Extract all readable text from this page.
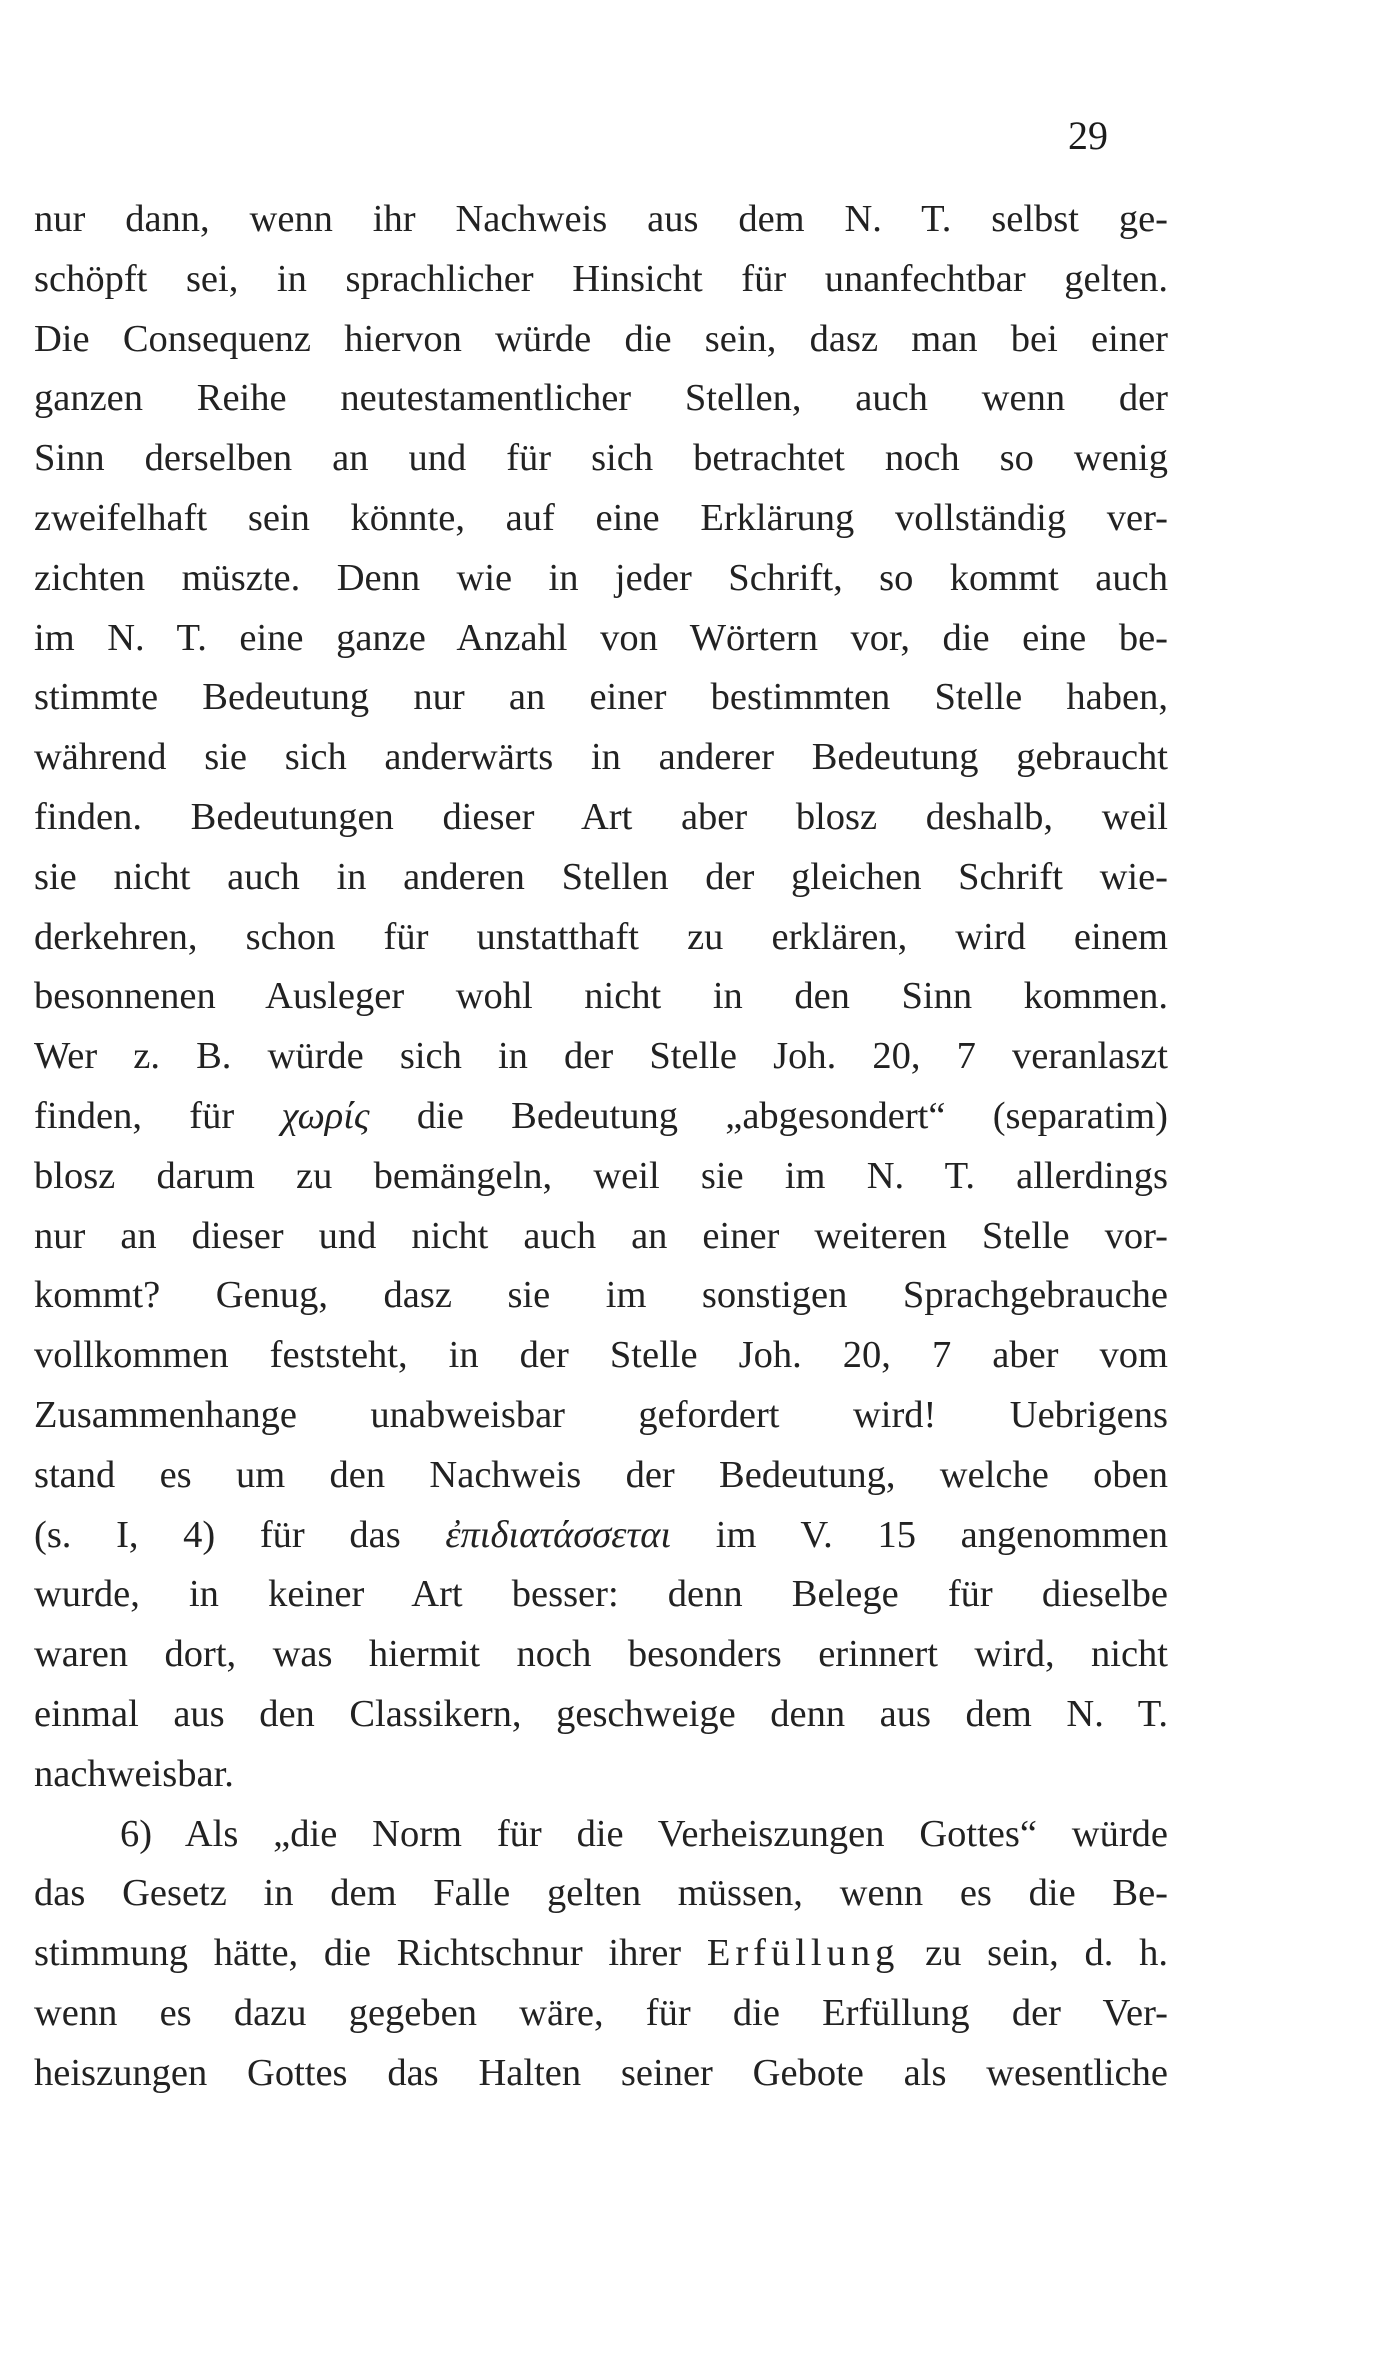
29
nur dann, wenn ihr Nachweis aus dem N. T. selbst ge-
schöpft sei, in sprachlicher Hinsicht für unanfechtbar gelten.
Die Consequenz hiervon würde die sein, dasz man bei einer
ganzen Reihe neutestamentlicher Stellen, auch wenn der
Sinn derselben an und für sich betrachtet noch so wenig
zweifelhaft sein könnte, auf eine Erklärung vollständig ver-
zichten müszte. Denn wie in jeder Schrift, so kommt auch
im N. T. eine ganze Anzahl von Wörtern vor, die eine be-
stimmte Bedeutung nur an einer bestimmten Stelle haben,
während sie sich anderwärts in anderer Bedeutung gebraucht
finden. Bedeutungen dieser Art aber blosz deshalb, weil
sie nicht auch in anderen Stellen der gleichen Schrift wie-
derkehren, schon für unstatthaft zu erklären, wird einem
besonnenen Ausleger wohl nicht in den Sinn kommen.
Wer z. B. würde sich in der Stelle Joh. 20, 7 veranlaszt
finden, für χωρίς die Bedeutung „abgesondert“ (separatim)
blosz darum zu bemängeln, weil sie im N. T. allerdings
nur an dieser und nicht auch an einer weiteren Stelle vor-
kommt? Genug, dasz sie im sonstigen Sprachgebrauche
vollkommen feststeht, in der Stelle Joh. 20, 7 aber vom
Zusammenhange unabweisbar gefordert wird! Uebrigens
stand es um den Nachweis der Bedeutung, welche oben
(s. I, 4) für das ἐπιδιατάσσεται im V. 15 angenommen
wurde, in keiner Art besser: denn Belege für dieselbe
waren dort, was hiermit noch besonders erinnert wird, nicht
einmal aus den Classikern, geschweige denn aus dem N. T.
nachweisbar.
6) Als „die Norm für die Verheiszungen Gottes“ würde
das Gesetz in dem Falle gelten müssen, wenn es die Be-
stimmung hätte, die Richtschnur ihrer Erfüllung zu sein, d. h.
wenn es dazu gegeben wäre, für die Erfüllung der Ver-
heiszungen Gottes das Halten seiner Gebote als wesentliche
